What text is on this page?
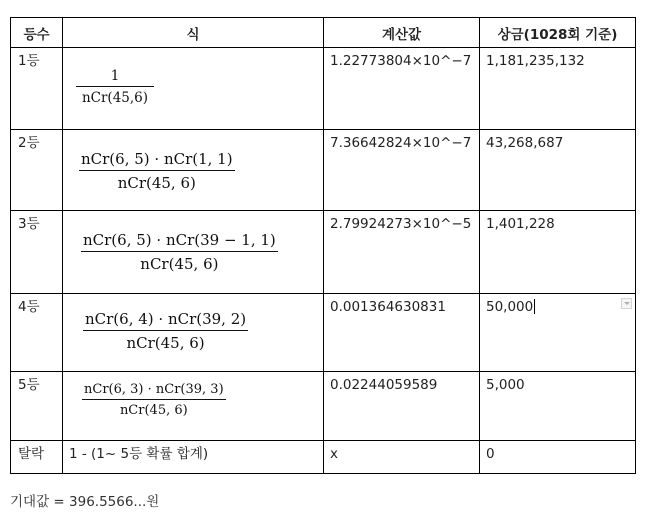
등수	식	계산값	상금(1028회 기준)

1등	1
nCr(45,6)	1.22773804×10^−7	1,181,235,132

2등	nCr(6, 5) · nCr(1, 1)
nCr(45, 6)	7.36642824×10^−7	43,268,687

3등	nCr(6, 5) · nCr(39 − 1, 1)
nCr(45, 6)	2.79924273×10^−5	1,401,228

4등	nCr(6, 4) · nCr(39, 2)
nCr(45, 6)	0.001364630831	50,000

5등	nCr(6, 3) · nCr(39, 3)
nCr(45, 6)	0.02244059589	5,000

탈락	1 - (1~ 5등 확률 합계)	x	0
기대값 = 396.5566...원
